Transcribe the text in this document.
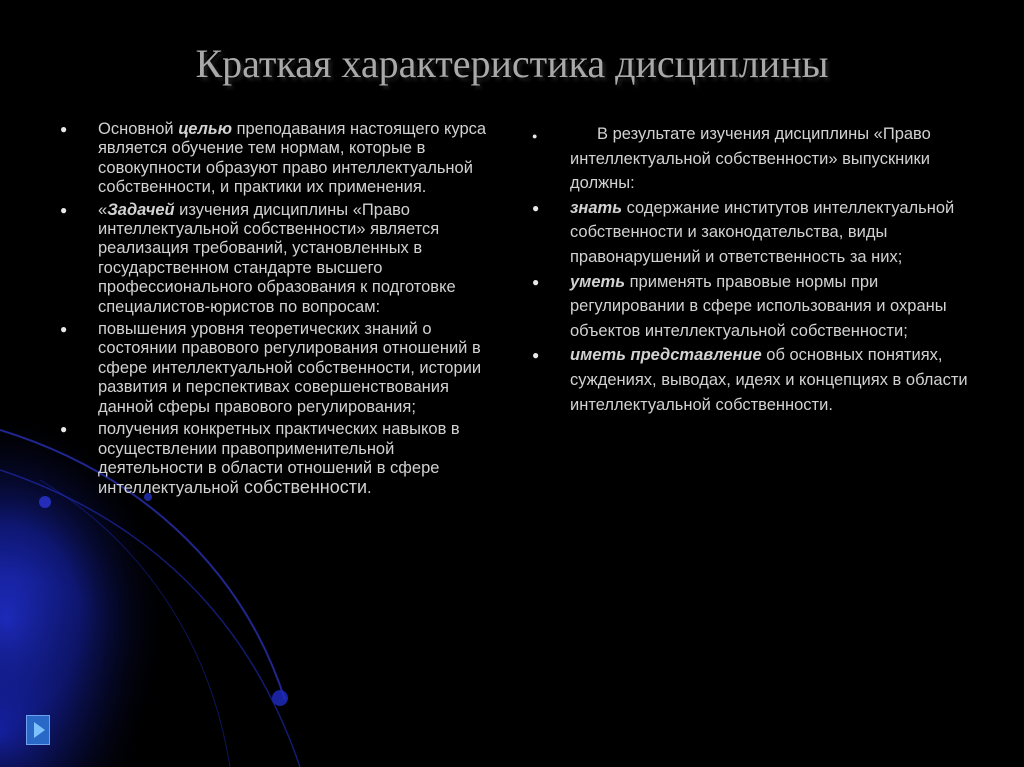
Краткая характеристика дисциплины
● Основной целью преподавания настоящего курса является обучение тем нормам, которые в совокупности образуют право интеллектуальной собственности, и практики их применения.
● «Задачей изучения дисциплины «Право интеллектуальной собственности» является реализация требований, установленных в государственном стандарте высшего профессионального образования к подготовке специалистов-юристов по вопросам:
● повышения уровня теоретических знаний о состоянии правового регулирования отношений в сфере интеллектуальной собственности, истории развития и перспективах совершенствования данной сферы правового регулирования;
● получения конкретных практических навыков в осуществлении правоприменительной деятельности в области отношений в сфере интеллектуальной собственности.
● В результате изучения дисциплины «Право интеллектуальной собственности» выпускники должны:
● знать содержание институтов интеллектуальной собственности и законодательства, виды правонарушений и ответственность за них;
● уметь применять правовые нормы при регулировании в сфере использования и охраны объектов интеллектуальной собственности;
● иметь представление об основных понятиях, суждениях, выводах, идеях и концепциях в области интеллектуальной собственности.
